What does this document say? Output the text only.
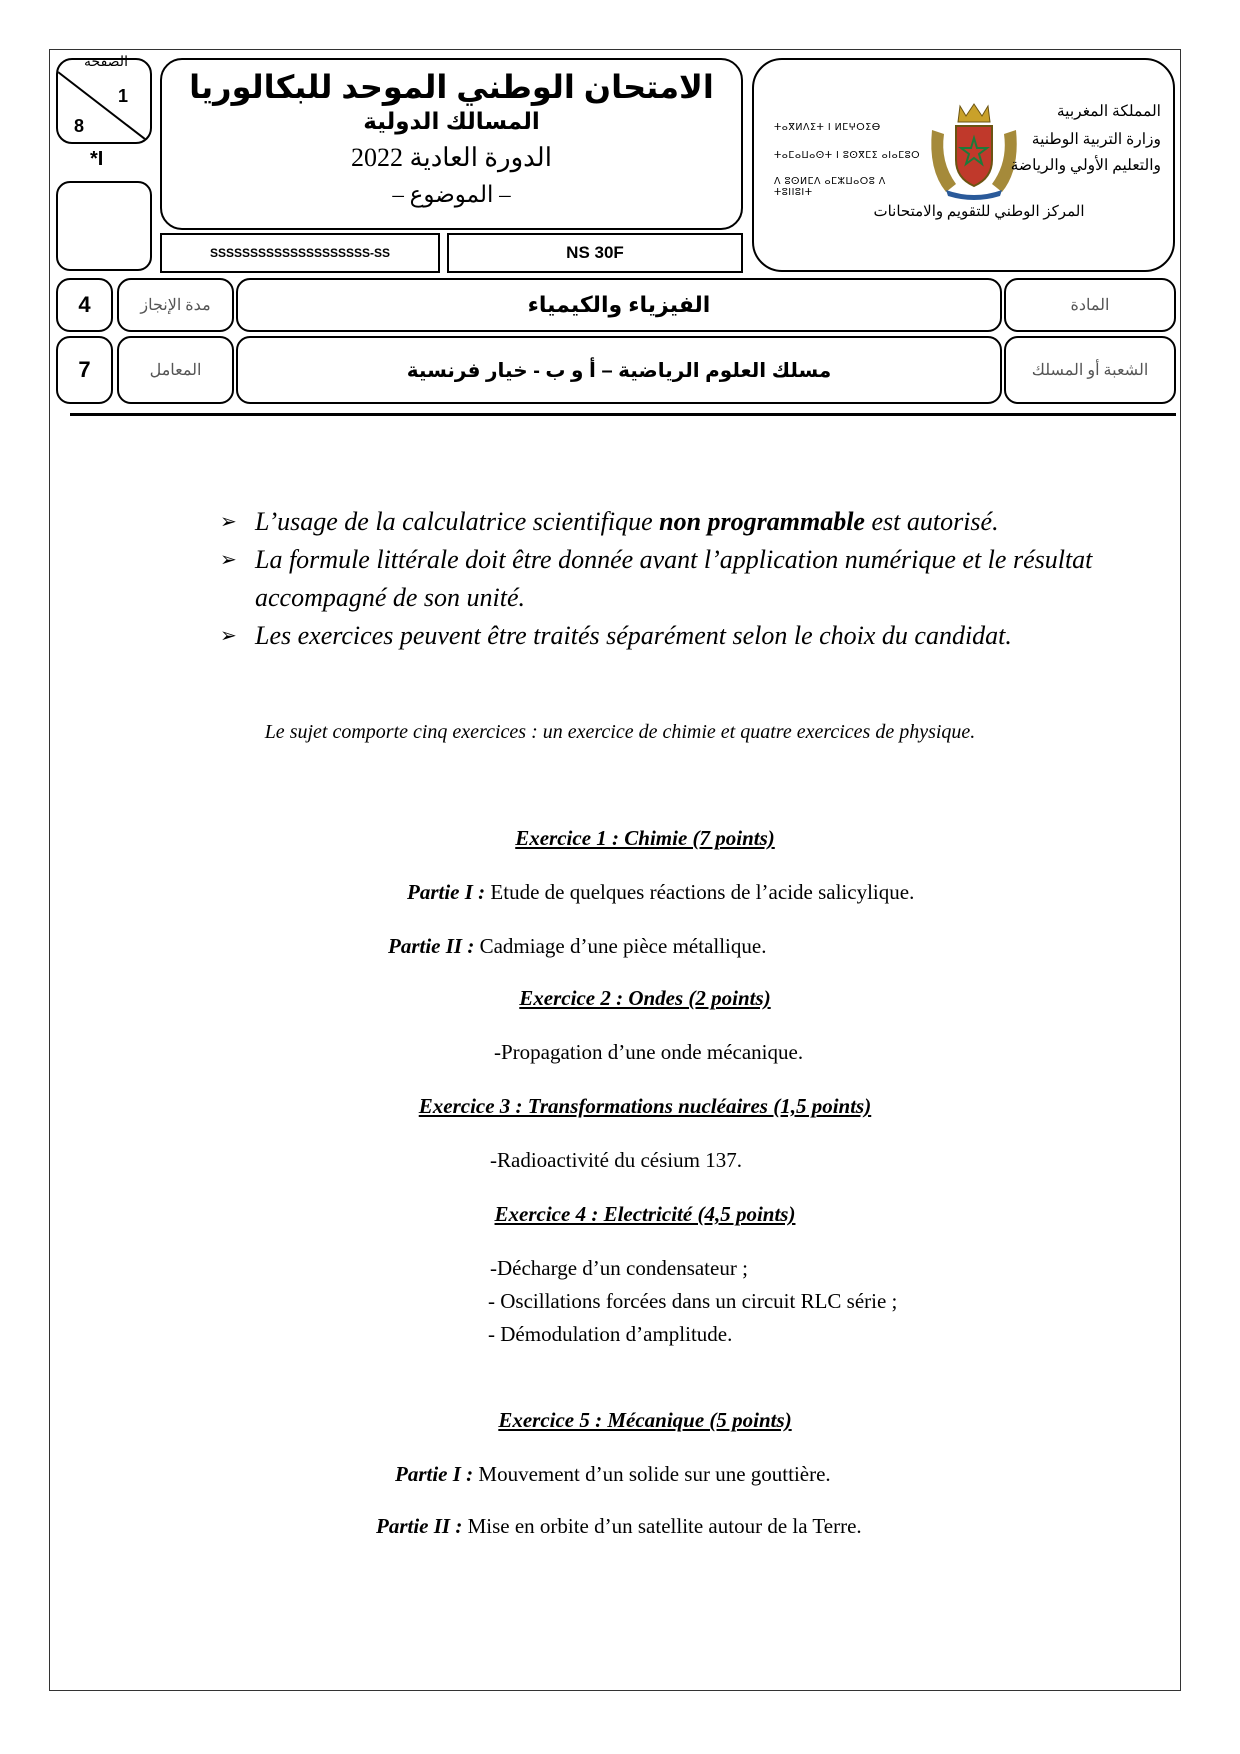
الصفحة
1
8
*I
الامتحان الوطني الموحد للبكالوريا
المسالك الدولية
الدورة العادية 2022
– الموضوع –
SSSSSSSSSSSSSSSSSSSS-SS	NS 30F
ⵜⴰⴳⵍⴷⵉⵜ ⵏ ⵍⵎⵖⵔⵉⴱ
ⵜⴰⵎⴰⵡⴰⵙⵜ ⵏ ⵓⵙⴳⵎⵉ ⴰⵏⴰⵎⵓⵔ
ⴷ ⵓⵙⵍⵎⴷ ⴰⵎⵣⵡⴰⵔⵓ ⴷ ⵜⵓⵏⵏⵓⵏⵜ
المملكة المغربية
وزارة التربية الوطنية
والتعليم الأولي والرياضة
المركز الوطني للتقويم والامتحانات
4	مدة الإنجاز	الفيزياء والكيمياء	المادة
7	المعامل	مسلك العلوم الرياضية – أ و ب - خيار فرنسية	الشعبة أو المسلك
➢ L’usage de la calculatrice scientifique non programmable est autorisé.
➢ La formule littérale doit être donnée avant l’application numérique et le résultat accompagné de son unité.
➢ Les exercices peuvent être traités séparément selon le choix du candidat.
Le sujet comporte cinq exercices : un exercice de chimie et quatre exercices de physique.
Exercice 1 : Chimie (7 points)
Partie I : Etude de quelques réactions de l’acide salicylique.
Partie II : Cadmiage d’une pièce métallique.
Exercice 2 : Ondes (2 points)
-Propagation d’une onde mécanique.
Exercice 3 : Transformations nucléaires (1,5 points)
-Radioactivité du césium 137.
Exercice 4 : Electricité (4,5 points)
-Décharge d’un condensateur ;
- Oscillations forcées dans un circuit RLC série ;
- Démodulation d’amplitude.
Exercice 5 : Mécanique (5 points)
Partie I : Mouvement d’un solide sur une gouttière.
Partie II : Mise en orbite d’un satellite autour de la Terre.
